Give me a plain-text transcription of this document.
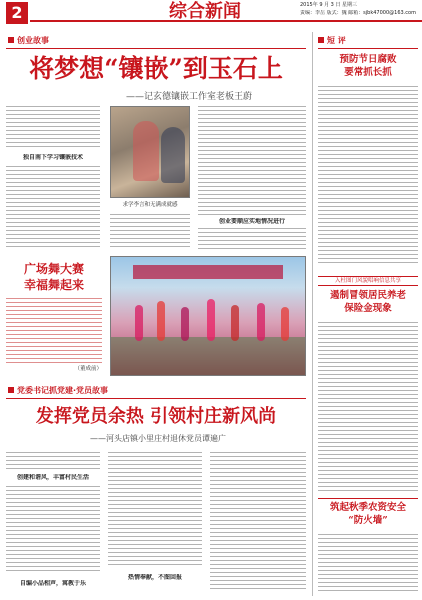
2	综合新闻	2015年 9 月 3 日 星期三
责编：李岳 版式：魏 邮箱：sjbk47000@163.com
创业故事
将梦想“镶嵌”到玉石上
——记玄德镶嵌工作室老板王蔚
独自南下学习镶嵌技术
求学李言和无满成就感
创业要顺应实地情况进行
广场舞大赛
幸福舞起来
（董成前）
党委书记抓党建·党员故事
发挥党员余热 引领村庄新风尚
——河头店镇小里庄村退休党员谭遍广
创建和谐风，丰富村民生活
自编小品相声，寓教于乐
热情奉献，不图回报
短 评
预防节日腐败
要常抓长抓
入杜图门风貌唱响信息共享
遏制冒领居民养老
保险金现象
筑起秋季农资安全
“防火墙”
